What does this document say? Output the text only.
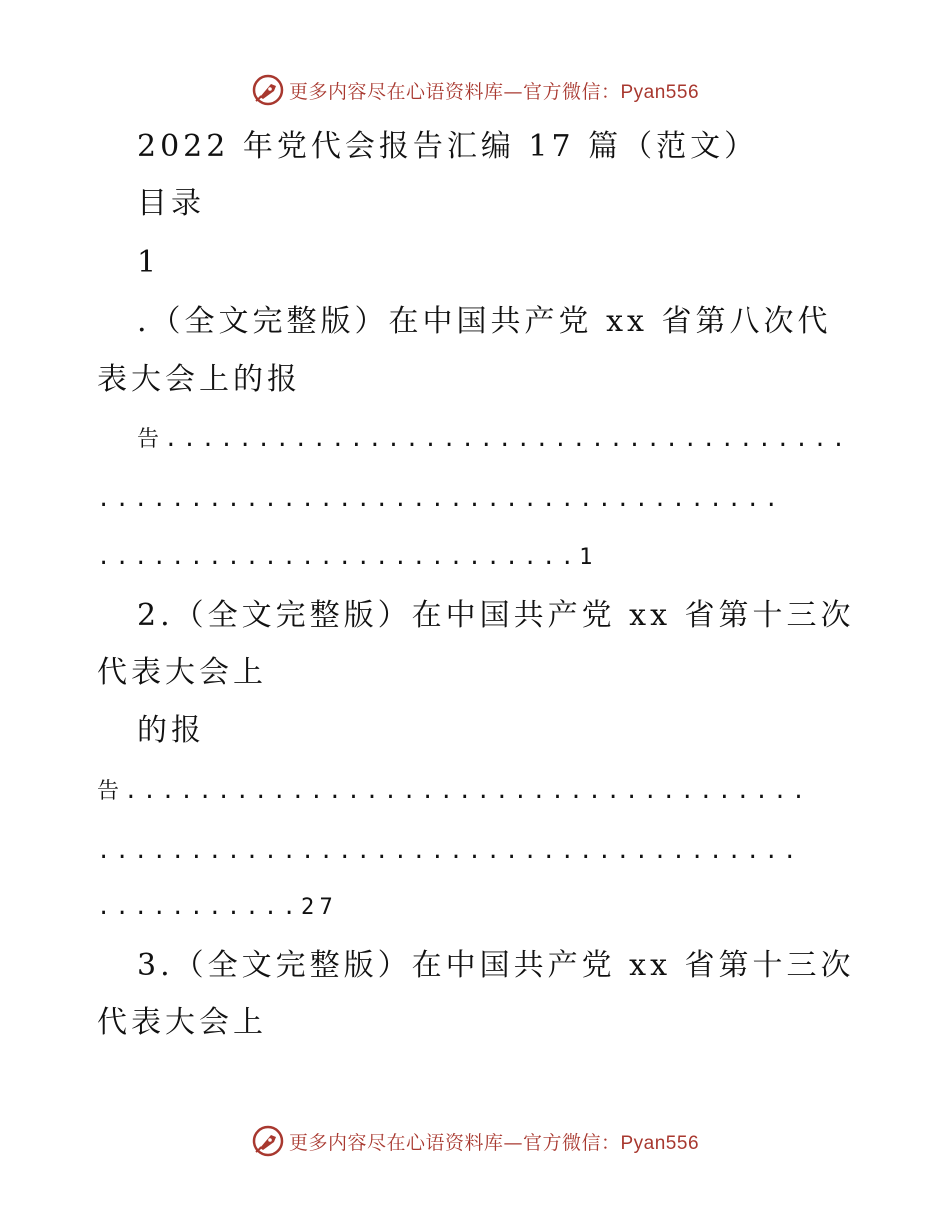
更多内容尽在心语资料库—官方微信：Pyan556
2022 年党代会报告汇编 17 篇（范文）
目录
1
.（全文完整版）在中国共产党 xx 省第八次代
表大会上的报
告.....................................
.....................................
..........................1
2.（全文完整版）在中国共产党 xx 省第十三次
代表大会上
的报
告.....................................
......................................
...........27
3.（全文完整版）在中国共产党 xx 省第十三次
代表大会上
更多内容尽在心语资料库—官方微信：Pyan556
